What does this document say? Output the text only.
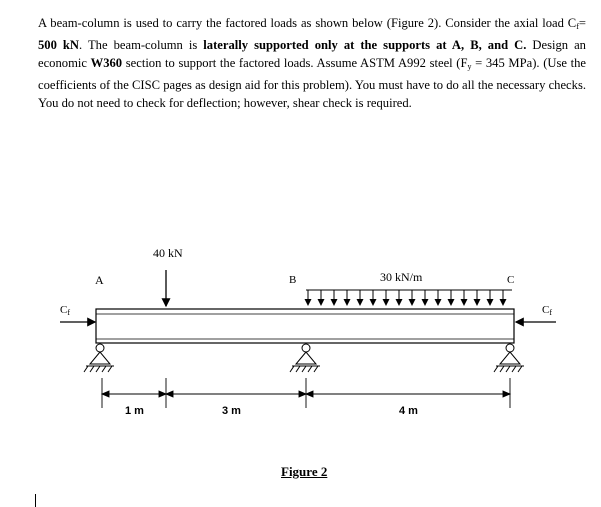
A beam-column is used to carry the factored loads as shown below (Figure 2). Consider the axial load $C_f= 500$ kN. The beam-column is laterally supported only at the supports at A, B, and C. Design an economic W360 section to support the factored loads. Assume ASTM A992 steel ($F_y = 345$ MPa). (Use the coefficients of the CISC pages as design aid for this problem). You must have to do all the necessary checks. You do not need to check for deflection; however, shear check is required.
40 kN
30 kN/m
A	B	C
$C_f$	$C_f$
1 m	3 m	4 m
Figure 2
